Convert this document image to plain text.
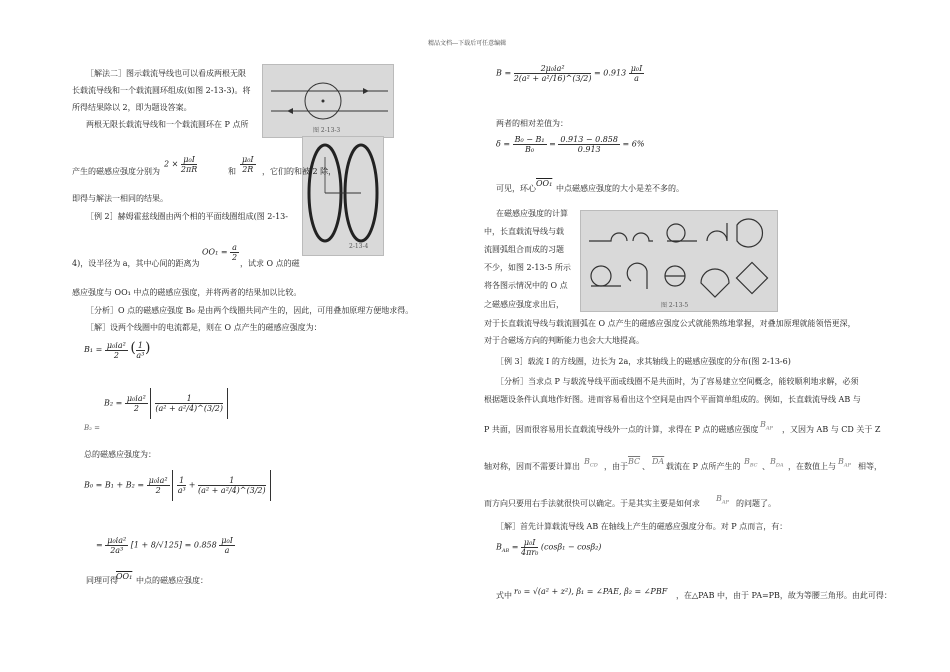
精品文档---下载后可任意编辑
［解法二］图示载流导线也可以看成两根无限
长载流导线和一个载流圆环组成(如图 2-13-3)。将
所得结果除以 2，即为题设答案。
两根无限长载流导线和一个载流圆环在 P 点所
图 2-13-3
2-13-4
产生的磁感应强度分别为
$2 \times \frac{\text{μ₀I}}{2\pi R}$	和 $\frac{\text{μ₀I}}{2R}$ ，它们的和被 2 除，
即得与解法一相同的结果。
［例 2］赫姆霍兹线圈由两个相的平面线圈组成(图 2-13-
$OO_1 = \frac{a}{2}$
4)，设半径为 a，其中心间的距离为	，试求 O 点的磁
感应强度与 OO₁ 中点的磁感应强度，并将两者的结果加以比较。
［分析］O 点的磁感应强度 B₀ 是由两个线圈共同产生的，因此，可用叠加原理方便地求得。
［解］设两个线圈中的电流都是，则在 O 点产生的磁感应强度为：
$B_1 = \frac{\text{μ₀ia²}}{2}$ ( $\frac{1}{\text{a³}}$ )
$B_2 = \frac{\text{μ₀ia²}}{2}$
$\frac{1}{\text{(a² + a²/4)\textasciicircum{}(3/2)}}$
B₂ =
总的磁感应强度为：
$B_0 = B_1 + B_2 = \frac{\text{μ₀ia²}}{2}$
$\frac{1}{\text{a³}} + \frac{1}{\text{(a² + a²/4)\textasciicircum{}(3/2)}}$
= $\frac{\text{μ₀ia²}}{\text{2a³}} [1 + 8/√125] = 0.858 \frac{\text{μ₀I}}{a}$
同理可得
OO₁ 中点的磁感应强度：
$B = \frac{\text{2μ₀ia²}}{\text{2(a² + a²/16)\textasciicircum{}(3/2)}} = 0.913 \frac{\text{μ₀I}}{a}$
两者的相对差值为：
$\delta = \frac{\text{B₀ − B₁}}{\text{B₀}} = \frac{0.913 - 0.858}{0.913} = 6\%$
可见，环心
OO₁
中点磁感应强度的大小是差不多的。
在磁感应强度的计算
中，长直载流导线与载
流圆弧组合而成的习题
不少，如图 2-13-5 所示
将各图示情况中的 O 点
之磁感应强度求出后，	图 2-13-5
对于长直载流导线与载流圆弧在 O 点产生的磁感应强度公式就能熟练地掌握，对叠加原理就能领悟更深，
对于合磁场方向的判断能力也会大大地提高。
［例 3］载流 I 的方线圈，边长为 2a，求其轴线上的磁感应强度的分布(图 2-13-6)
［分析］当求点 P 与载流导线平面或线圈不是共面时，为了容易建立空间概念，能较顺利地求解，必须
根据题设条件认真地作好图。进而容易看出这个空间是由四个平面简单组成的。例如，长直载流导线 AB 与
P 共面，因而很容易用长直载流导线外一点的计算，求得在 P 点的磁感应强度
$B_{AP}$ ，又因为 AB 与 CD 关于 Z
轴对称，因而不需要计算出
$B_{CD}$ ，由于
$\overline{BC}$
、
$\overline{DA}$
载流在 P 点所产生的
$B_{BC}$ 、
$B_{DA}$ ，在数值上与
$B_{AP}$ 相等，
而方向只要用右手法就很快可以确定。于是其实主要是如何求
$B_{AP}$ 的问题了。
［解］首先计算载流导线 AB 在轴线上产生的磁感应强度分布。对 P 点而言，有：
$B_{AB} = \frac{\text{μ₀I}}{\text{4πr₀}} (\cos\beta_1 - \cos\beta_2)$
式中 r₀ = √(a² + z²), β₁ = ∠PAE, β₂ = ∠PBF ，在△PAB 中，由于 PA=PB，故为等腰三角形。由此可得：
